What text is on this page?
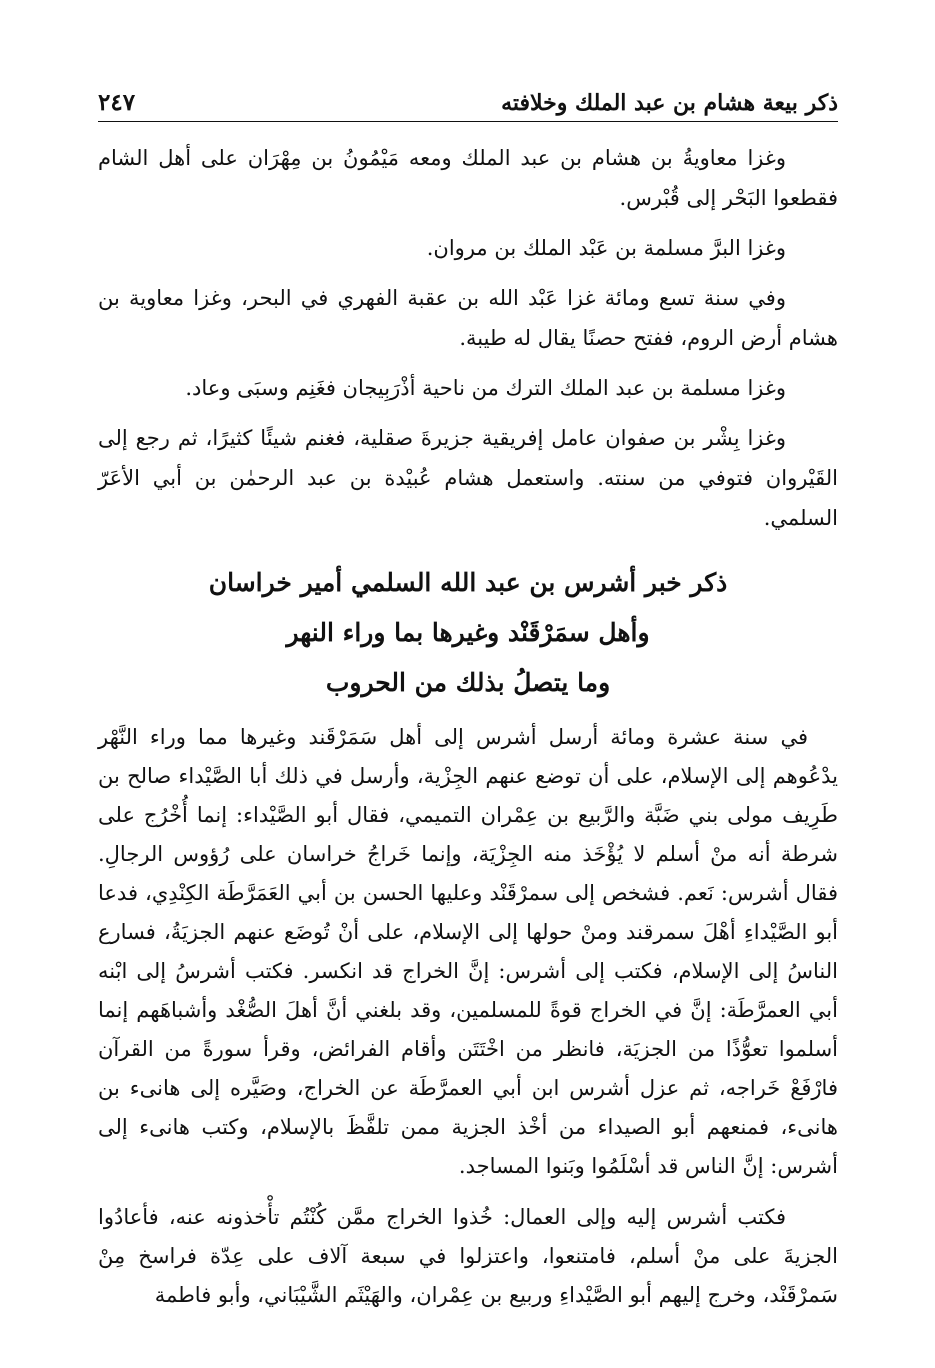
ذكر بيعة هشام بن عبد الملك وخلافته
٢٤٧

وغزا معاويةُ بن هشام بن عبد الملك ومعه مَيْمُونُ بن مِهْرَان على أهل الشام فقطعوا البَحْر إلى قُبْرس.

وغزا البرَّ مسلمة بن عَبْد الملك بن مروان.

وفي سنة تسع ومائة غزا عَبْد الله بن عقبة الفهري في البحر، وغزا معاوية بن هشام أرض الروم، ففتح حصنًا يقال له طيبة.

وغزا مسلمة بن عبد الملك الترك من ناحية أذْرَبِيجان فغَنِم وسبَى وعاد.

وغزا بِشْر بن صفوان عامل إفريقية جزيرةَ صقلية، فغنم شيئًا كثيرًا، ثم رجع إلى القَيْروان فتوفي من سنته. واستعمل هشام عُبيْدة بن عبد الرحمٰن بن أبي الأعَرّ السلمي.

ذكر خبر أشرس بن عبد الله السلمي أمير خراسان
وأهل سمَرْقَنْد وغيرها بما وراء النهر
وما يتصلُ بذلك من الحروب

في سنة عشرة ومائة أرسل أشرس إلى أهل سَمَرْقَند وغيرها مما وراء النَّهْر يدْعُوهم إلى الإسلام، على أن توضع عنهم الجِزْية، وأرسل في ذلك أبا الصَّيْداء صالح بن طَرِيف مولى بني ضَبَّة والرَّبيع بن عِمْران التميمي، فقال أبو الصَّيْداء: إنما أُخْرُج على شرطة أنه منْ أسلم لا يُؤْخَذ منه الجِزْيَة، وإنما خَراجُ خراسان على رُؤوس الرجالِ. فقال أشرس: نَعم. فشخص إلى سمرْقَنْد وعليها الحسن بن أبي العَمَرَّطَة الكِنْدِي، فدعا أبو الصَّيْداءِ أهْلَ سمرقند ومنْ حولها إلى الإسلام، على أنْ تُوضَع عنهم الجزيَةُ، فسارع الناسُ إلى الإسلام، فكتب إلى أشرس: إنَّ الخراج قد انكسر. فكتب أشرسُ إلى ابْنه أبي العمرَّطَة: إنَّ في الخراج قوةً للمسلمين، وقد بلغني أنَّ أهلَ الصُّغْد وأشباهَهم إنما أسلموا تعوُّذًا من الجزيَة، فانظر من اخْتَتَن وأقام الفرائض، وقرأ سورةً من القرآن فارْفَعْ خَراجه، ثم عزل أشرس ابن أبي العمرَّطَة عن الخراج، وصَيَّره إلى هانىء بن هانىء، فمنعهم أبو الصيداء من أخْذ الجزية ممن تلفَّظَ بالإسلام، وكتب هانىء إلى أشرس: إنَّ الناس قد أسْلَمُوا وبَنوا المساجد.

فكتب أشرس إليه وإلى العمال: خُذوا الخراج ممَّن كُنْتُم تأْخذونه عنه، فأعادُوا الجزيةَ على منْ أسلم، فامتنعوا، واعتزلوا في سبعة آلاف على عِدّة فراسخ مِنْ سَمرْقَنْد، وخرج إليهم أبو الصَّيْداءِ وربيع بن عِمْران، والهَيْثَم الشَّيْبَاني، وأبو فاطمة
